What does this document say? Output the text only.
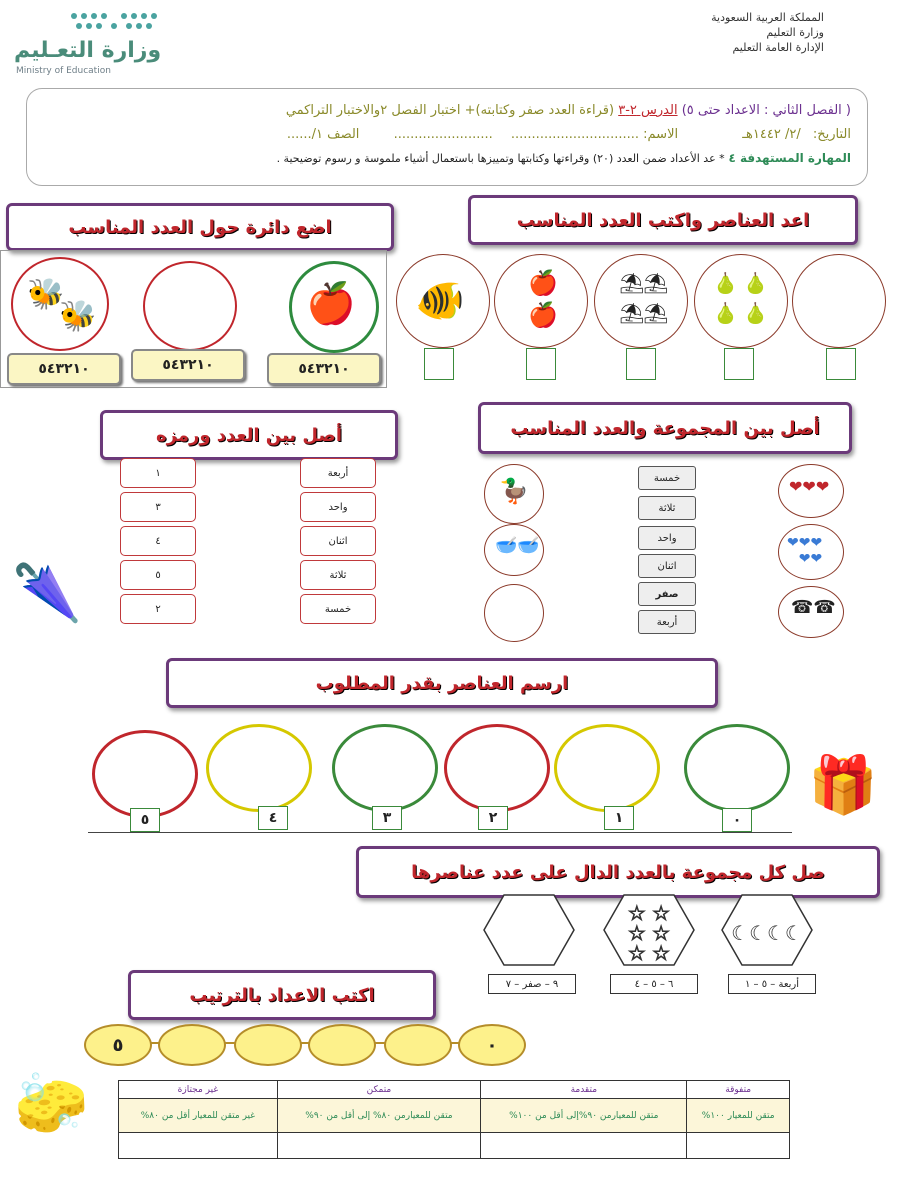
المملكة العربية السعودية
وزارة التعليم
الإدارة العامة التعليم
وزارة التعـليم
Ministry of Education
( الفصل الثاني : الاعداد حتى ٥) الدرس ٢-٣ (قراءة العدد صفر وكتابته)+ اختبار الفصل ٢والاختبار التراكمي
التاريخ: /٢/ ١٤٤٢هـ الاسم: ............................... ........................ الصف ١/......
المهارة المستهدفة ٤ * عد الأعداد ضمن العدد (٢٠) وقراءتها وكتابتها وتمييزها باستعمال أشياء ملموسة و رسوم توضيحية .
اعد العناصر واكتب العدد المناسب
اضع دائرة حول العدد المناسب
🐝
🐝	🍎
٥٤٣٢١٠	٥٤٣٢١٠	٥٤٣٢١٠
🐠	🍎
🍎
⛱
⛱
⛱
⛱
🍐 🍐
🍐 🍐
أصل بين المجموعة والعدد المناسب
أصل بين العدد ورمزه
١
٣
٤
٥
٢
أربعة
واحد
اثنان
ثلاثة
خمسة
🌂
🦆
🥣🥣
❤❤❤
❤❤❤
❤❤
☎☎
خمسة
ثلاثة
واحد
اثنان
صفر
أربعة
ارسم العناصر بقدر المطلوب
٠
١
٢
٣
٤
٥
🎁
صل كل مجموعة بالعدد الدال على عدد عناصرها
☆ ☆
☆ ☆
☆ ☆
☾☾☾☾
أربعة – ٥ – ١
٦ – ٥ – ٤
٩ – صفر – ٧
اكتب الاعداد بالترتيب
٠
٥
🧽	متفوقة	متقدمة	متمكن	غير مجتازة
متقن للمعيار ١٠٠%	متقن للمعيارمن ٩٠%إلى أقل من ١٠٠%	متقن للمعيارمن ٨٠% إلى أقل من ٩٠%	غير متقن للمعيار أقل من ٨٠%
